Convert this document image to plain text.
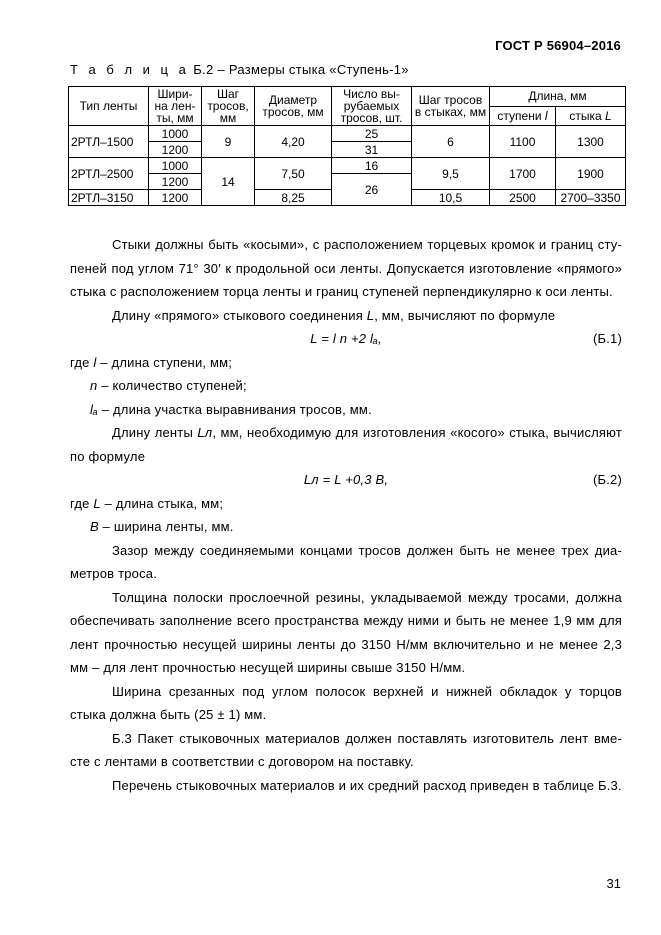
ГОСТ Р 56904–2016
Т а б л и ц а Б.2 – Размеры стыка «Ступень-1»
Тип ленты	Шири- на лен- ты, мм	Шаг тросов, мм	Диаметр тросов, мм	Число вы- рубаемых тросов, шт.	Шаг тросов в стыках, мм	Длина, мм	
						ступени l	стыка L
2РТЛ–1500	1000	9	4,20	25	6	1100	1300
	1200			31			
2РТЛ–2500	1000	14	7,50	16	9,5	1700	1900
	1200			26			
2РТЛ–3150	1200		8,25		10,5	2500	2700–3350

Стыки должны быть «косыми», с расположением торцевых кромок и границ сту- пеней под углом 71° 30′ к продольной оси ленты. Допускается изготовление «прямого» стыка с расположением торца ленты и границ ступеней перпендикулярно к оси ленты.

Длину «прямого» стыкового соединения L, мм, вычисляют по формуле

L = l n +2 lₐ,	(Б.1)

где l – длина ступени, мм;

n – количество ступеней;

lₐ – длина участка выравнивания тросов, мм.

Длину ленты Lл, мм, необходимую для изготовления «косого» стыка, вычисляют по формуле

Lл = L +0,3 B,	(Б.2)

где L – длина стыка, мм;

B – ширина ленты, мм.

Зазор между соединяемыми концами тросов должен быть не менее трех диа- метров троса.

Толщина полоски прослоечной резины, укладываемой между тросами, должна обеспечивать заполнение всего пространства между ними и быть не менее 1,9 мм для лент прочностью несущей ширины ленты до 3150 Н/мм включительно и не менее 2,3 мм – для лент прочностью несущей ширины свыше 3150 Н/мм.

Ширина срезанных под углом полосок верхней и нижней обкладок у торцов стыка должна быть (25 ± 1) мм.

Б.3 Пакет стыковочных материалов должен поставлять изготовитель лент вме- сте с лентами в соответствии с договором на поставку.

Перечень стыковочных материалов и их средний расход приведен в таблице Б.3.

31
